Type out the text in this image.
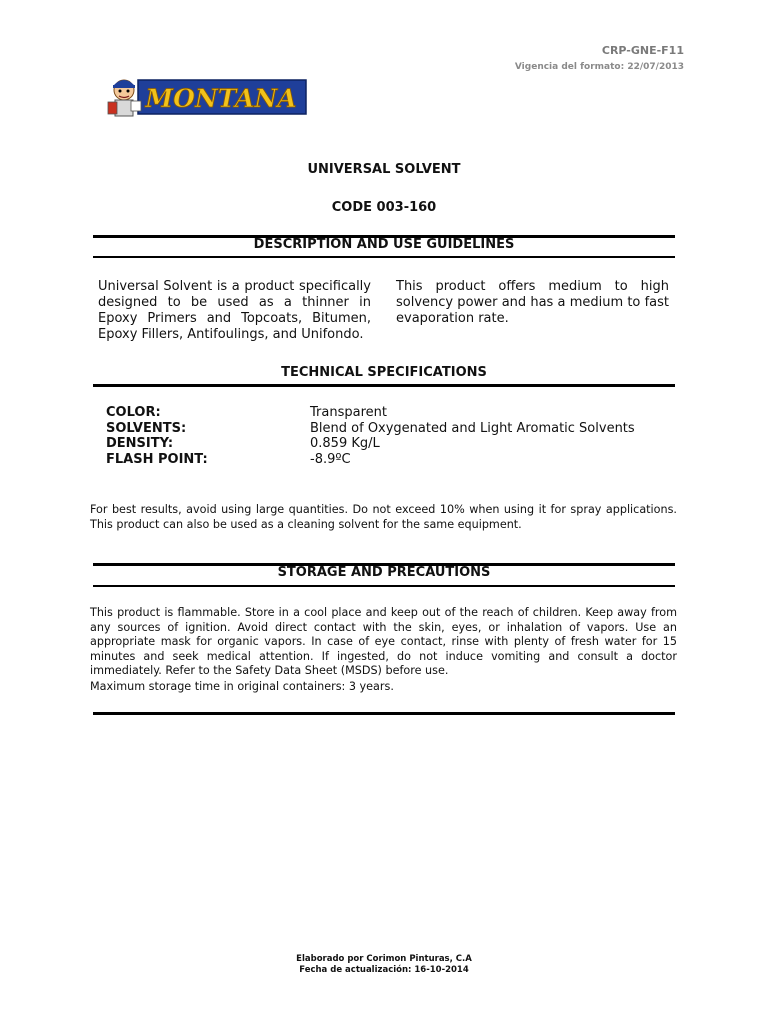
CRP-GNE-F11
Vigencia del formato: 22/07/2013
MONTANA
UNIVERSAL SOLVENT
CODE 003-160
DESCRIPTION AND USE GUIDELINES
Universal Solvent is a product specifically designed to be used as a thinner in Epoxy Primers and Topcoats, Bitumen, Epoxy Fillers, Antifoulings, and Unifondo.
This product offers medium to high solvency power and has a medium to fast evaporation rate.
TECHNICAL SPECIFICATIONS
COLOR:	Transparent
SOLVENTS:	Blend of Oxygenated and Light Aromatic Solvents
DENSITY:	0.859 Kg/L
FLASH POINT:	-8.9ºC
For best results, avoid using large quantities. Do not exceed 10% when using it for spray applications. This product can also be used as a cleaning solvent for the same equipment.
STORAGE AND PRECAUTIONS
This product is flammable. Store in a cool place and keep out of the reach of children. Keep away from any sources of ignition. Avoid direct contact with the skin, eyes, or inhalation of vapors. Use an appropriate mask for organic vapors. In case of eye contact, rinse with plenty of fresh water for 15 minutes and seek medical attention. If ingested, do not induce vomiting and consult a doctor immediately. Refer to the Safety Data Sheet (MSDS) before use.
Maximum storage time in original containers: 3 years.
Elaborado por Corimon Pinturas, C.A
Fecha de actualización: 16-10-2014
